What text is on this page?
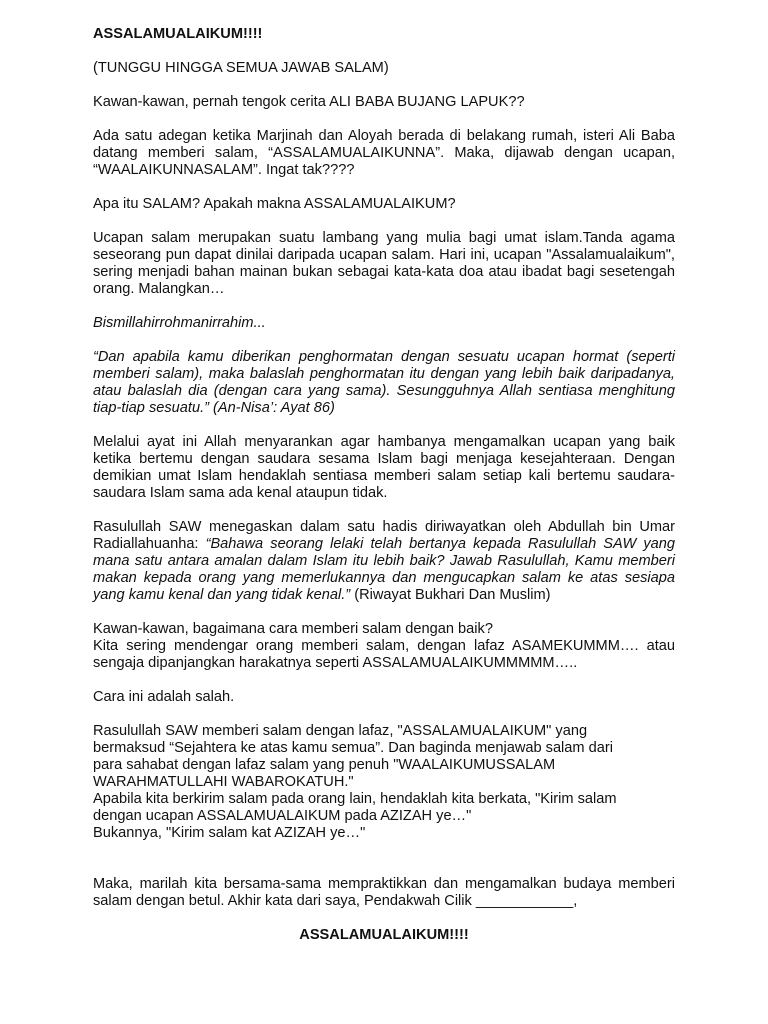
ASSALAMUALAIKUM!!!!

(TUNGGU HINGGA SEMUA JAWAB SALAM)

Kawan-kawan, pernah tengok cerita ALI BABA BUJANG LAPUK??

Ada satu adegan ketika Marjinah dan Aloyah berada di belakang rumah, isteri Ali Baba datang memberi salam, “ASSALAMUALAIKUNNA”. Maka, dijawab dengan ucapan, “WAALAIKUNNASALAM”. Ingat tak????

Apa itu SALAM? Apakah makna ASSALAMUALAIKUM?

Ucapan salam merupakan suatu lambang yang mulia bagi umat islam.Tanda agama seseorang pun dapat dinilai daripada ucapan salam. Hari ini, ucapan "Assalamualaikum", sering menjadi bahan mainan bukan sebagai kata-kata doa atau ibadat bagi sesetengah orang. Malangkan…

Bismillahirrohmanirrahim...

“Dan apabila kamu diberikan penghormatan dengan sesuatu ucapan hormat (seperti memberi salam), maka balaslah penghormatan itu dengan yang lebih baik daripadanya, atau balaslah dia (dengan cara yang sama). Sesungguhnya Allah sentiasa menghitung tiap-tiap sesuatu.” (An-Nisa’: Ayat 86)

Melalui ayat ini Allah menyarankan agar hambanya mengamalkan ucapan yang baik ketika bertemu dengan saudara sesama Islam bagi menjaga kesejahteraan. Dengan demikian umat Islam hendaklah sentiasa memberi salam setiap kali bertemu saudara-saudara Islam sama ada kenal ataupun tidak.

Rasulullah SAW menegaskan dalam satu hadis diriwayatkan oleh Abdullah bin Umar Radiallahuanha: “Bahawa seorang lelaki telah bertanya kepada Rasulullah SAW yang mana satu antara amalan dalam Islam itu lebih baik? Jawab Rasulullah, Kamu memberi makan kepada orang yang memerlukannya dan mengucapkan salam ke atas sesiapa yang kamu kenal dan yang tidak kenal.” (Riwayat Bukhari Dan Muslim)

Kawan-kawan, bagaimana cara memberi salam dengan baik?
Kita sering mendengar orang memberi salam, dengan lafaz ASAMEKUMMM…. atau sengaja dipanjangkan harakatnya seperti ASSALAMUALAIKUMMMMM…..

Cara ini adalah salah.

Rasulullah SAW memberi salam dengan lafaz, "ASSALAMUALAIKUM" yang
bermaksud “Sejahtera ke atas kamu semua”. Dan baginda menjawab salam dari
para sahabat dengan lafaz salam yang penuh "WAALAIKUMUSSALAM
WARAHMATULLAHI WABAROKATUH."
Apabila kita berkirim salam pada orang lain, hendaklah kita berkata, "Kirim salam
dengan ucapan ASSALAMUALAIKUM pada AZIZAH ye…"
Bukannya, "Kirim salam kat AZIZAH ye…"

Maka, marilah kita bersama-sama mempraktikkan dan mengamalkan budaya memberi salam dengan betul. Akhir kata dari saya, Pendakwah Cilik ____________,

ASSALAMUALAIKUM!!!!
